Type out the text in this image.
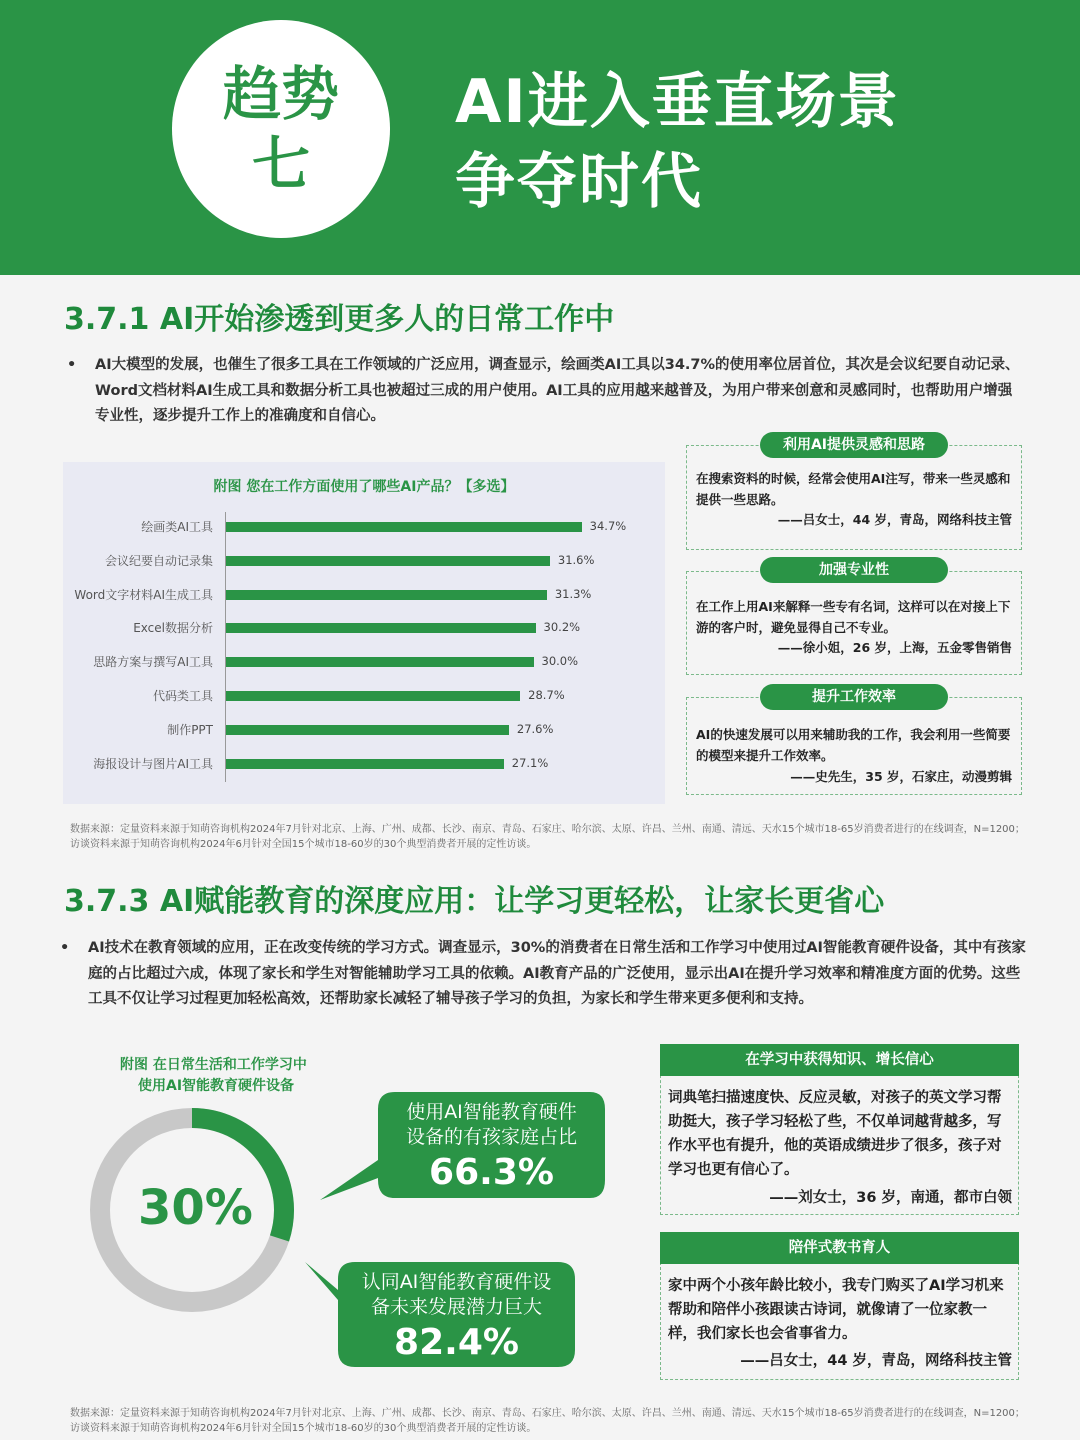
趋势
七
AI进入垂直场景
争夺时代
3.7.1 AI开始渗透到更多人的日常工作中
• AI大模型的发展，也催生了很多工具在工作领域的广泛应用，调查显示，绘画类AI工具以34.7%的使用率位居首位，其次是会议纪要自动记录、Word文档材料AI生成工具和数据分析工具也被超过三成的用户使用。AI工具的应用越来越普及，为用户带来创意和灵感同时，也帮助用户增强专业性，逐步提升工作上的准确度和自信心。
附图 您在工作方面使用了哪些AI产品？【多选】
绘画类AI工具	34.7%
会议纪要自动记录集	31.6%
Word文字材料AI生成工具	31.3%
Excel数据分析	30.2%
思路方案与撰写AI工具	30.0%
代码类工具	28.7%
制作PPT	27.6%
海报设计与图片AI工具	27.1%
利用AI提供灵感和思路
在搜索资料的时候，经常会使用AI注写，带来一些灵感和提供一些思路。
——吕女士，44 岁，青岛，网络科技主管
加强专业性
在工作上用AI来解释一些专有名词，这样可以在对接上下游的客户时，避免显得自己不专业。
——徐小姐，26 岁，上海，五金零售销售
提升工作效率
AI的快速发展可以用来辅助我的工作，我会利用一些简要的模型来提升工作效率。
——史先生，35 岁，石家庄，动漫剪辑
数据来源：定量资料来源于知萌咨询机构2024年7月针对北京、上海、广州、成都、长沙、南京、青岛、石家庄、哈尔滨、太原、许昌、兰州、南通、清远、天水15个城市18-65岁消费者进行的在线调查，N=1200；访谈资料来源于知萌咨询机构2024年6月针对全国15个城市18-60岁的30个典型消费者开展的定性访谈。
3.7.3 AI赋能教育的深度应用：让学习更轻松，让家长更省心
• AI技术在教育领域的应用，正在改变传统的学习方式。调查显示，30%的消费者在日常生活和工作学习中使用过AI智能教育硬件设备，其中有孩家庭的占比超过六成，体现了家长和学生对智能辅助学习工具的依赖。AI教育产品的广泛使用，显示出AI在提升学习效率和精准度方面的优势。这些工具不仅让学习过程更加轻松高效，还帮助家长减轻了辅导孩子学习的负担，为家长和学生带来更多便利和支持。
附图 在日常生活和工作学习中
使用AI智能教育硬件设备
30%
使用AI智能教育硬件
设备的有孩家庭占比
66.3%
认同AI智能教育硬件设
备未来发展潜力巨大
82.4%
在学习中获得知识、增长信心
词典笔扫描速度快、反应灵敏，对孩子的英文学习帮助挺大，孩子学习轻松了些，不仅单词越背越多，写作水平也有提升，他的英语成绩进步了很多，孩子对学习也更有信心了。
——刘女士，36 岁，南通，都市白领
陪伴式教书育人
家中两个小孩年龄比较小，我专门购买了AI学习机来帮助和陪伴小孩跟读古诗词，就像请了一位家教一样，我们家长也会省事省力。
——吕女士，44 岁，青岛，网络科技主管
数据来源：定量资料来源于知萌咨询机构2024年7月针对北京、上海、广州、成都、长沙、南京、青岛、石家庄、哈尔滨、太原、许昌、兰州、南通、清远、天水15个城市18-65岁消费者进行的在线调查，N=1200；访谈资料来源于知萌咨询机构2024年6月针对全国15个城市18-60岁的30个典型消费者开展的定性访谈。
